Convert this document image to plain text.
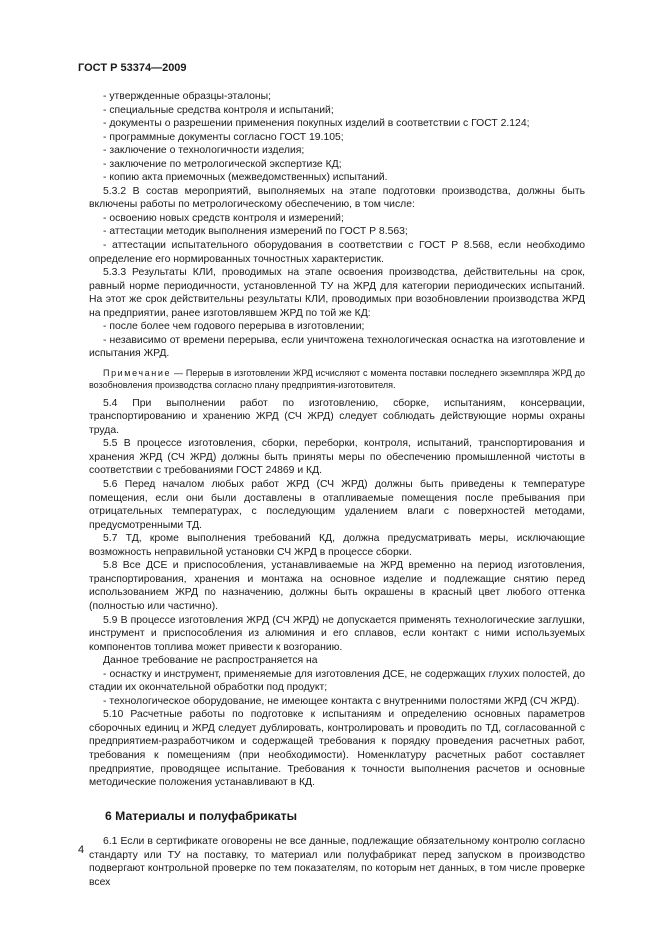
ГОСТ Р 53374—2009

- утвержденные образцы-эталоны;

- специальные средства контроля и испытаний;

- документы о разрешении применения покупных изделий в соответствии с ГОСТ 2.124;

- программные документы согласно ГОСТ 19.105;

- заключение о технологичности изделия;

- заключение по метрологической экспертизе КД;

- копию акта приемочных (межведомственных) испытаний.

5.3.2 В состав мероприятий, выполняемых на этапе подготовки производства, должны быть включены работы по метрологическому обеспечению, в том числе:

- освоению новых средств контроля и измерений;

- аттестации методик выполнения измерений по ГОСТ Р 8.563;

- аттестации испытательного оборудования в соответствии с ГОСТ Р 8.568, если необходимо определение его нормированных точностных характеристик.

5.3.3 Результаты КЛИ, проводимых на этапе освоения производства, действительны на срок, равный норме периодичности, установленной ТУ на ЖРД для категории периодических испытаний. На этот же срок действительны результаты КЛИ, проводимых при возобновлении производства ЖРД на предприятии, ранее изготовлявшем ЖРД по той же КД:

- после более чем годового перерыва в изготовлении;

- независимо от времени перерыва, если уничтожена технологическая оснастка на изготовление и испытания ЖРД.

Примечание — Перерыв в изготовлении ЖРД исчисляют с момента поставки последнего экземпляра ЖРД до возобновления производства согласно плану предприятия-изготовителя.

5.4 При выполнении работ по изготовлению, сборке, испытаниям, консервации, транспортированию и хранению ЖРД (СЧ ЖРД) следует соблюдать действующие нормы охраны труда.

5.5 В процессе изготовления, сборки, переборки, контроля, испытаний, транспортирования и хранения ЖРД (СЧ ЖРД) должны быть приняты меры по обеспечению промышленной чистоты в соответствии с требованиями ГОСТ 24869 и КД.

5.6 Перед началом любых работ ЖРД (СЧ ЖРД) должны быть приведены к температуре помещения, если они были доставлены в отапливаемые помещения после пребывания при отрицательных температурах, с последующим удалением влаги с поверхностей методами, предусмотренными ТД.

5.7 ТД, кроме выполнения требований КД, должна предусматривать меры, исключающие возможность неправильной установки СЧ ЖРД в процессе сборки.

5.8 Все ДСЕ и приспособления, устанавливаемые на ЖРД временно на период изготовления, транспортирования, хранения и монтажа на основное изделие и подлежащие снятию перед использованием ЖРД по назначению, должны быть окрашены в красный цвет любого оттенка (полностью или частично).

5.9 В процессе изготовления ЖРД (СЧ ЖРД) не допускается применять технологические заглушки, инструмент и приспособления из алюминия и его сплавов, если контакт с ними используемых компонентов топлива может привести к возгоранию.

Данное требование не распространяется на

- оснастку и инструмент, применяемые для изготовления ДСЕ, не содержащих глухих полостей, до стадии их окончательной обработки под продукт;

- технологическое оборудование, не имеющее контакта с внутренними полостями ЖРД (СЧ ЖРД).

5.10 Расчетные работы по подготовке к испытаниям и определению основных параметров сборочных единиц и ЖРД следует дублировать, контролировать и проводить по ТД, согласованной с предприятием-разработчиком и содержащей требования к порядку проведения расчетных работ, требования к помещениям (при необходимости). Номенклатуру расчетных работ составляет предприятие, проводящее испытание. Требования к точности выполнения расчетов и основные методические положения устанавливают в КД.

6 Материалы и полуфабрикаты

6.1 Если в сертификате оговорены не все данные, подлежащие обязательному контролю согласно стандарту или ТУ на поставку, то материал или полуфабрикат перед запуском в производство подвергают контрольной проверке по тем показателям, по которым нет данных, в том числе проверке всех

4
